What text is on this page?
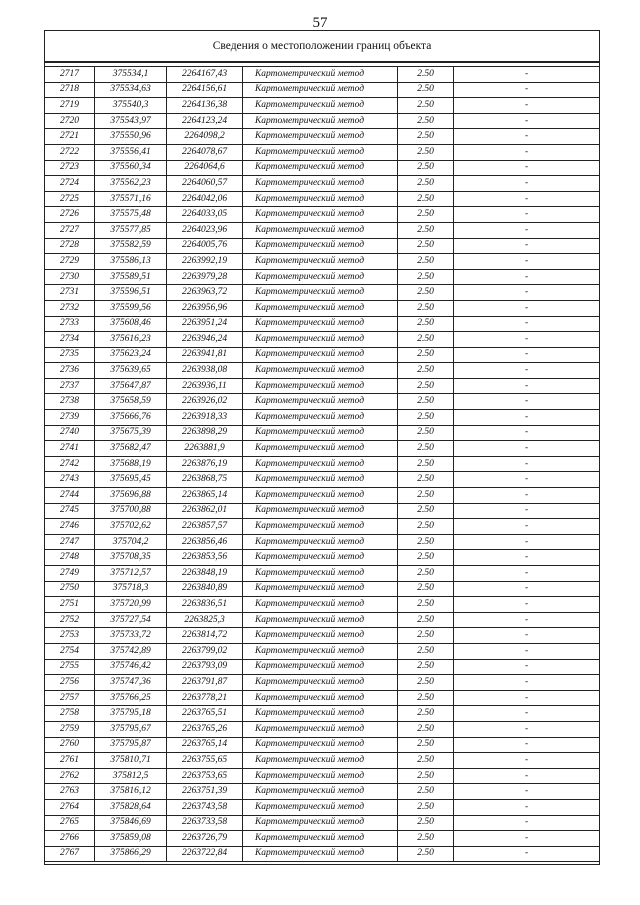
57
Сведения о местоположении границ объекта					

2717	375534,1	2264167,43	Картометрический метод	2.50	-
2718	375534,63	2264156,61	Картометрический метод	2.50	-
2719	375540,3	2264136,38	Картометрический метод	2.50	-
2720	375543,97	2264123,24	Картометрический метод	2.50	-
2721	375550,96	2264098,2	Картометрический метод	2.50	-
2722	375556,41	2264078,67	Картометрический метод	2.50	-
2723	375560,34	2264064,6	Картометрический метод	2.50	-
2724	375562,23	2264060,57	Картометрический метод	2.50	-
2725	375571,16	2264042,06	Картометрический метод	2.50	-
2726	375575,48	2264033,05	Картометрический метод	2.50	-
2727	375577,85	2264023,96	Картометрический метод	2.50	-
2728	375582,59	2264005,76	Картометрический метод	2.50	-
2729	375586,13	2263992,19	Картометрический метод	2.50	-
2730	375589,51	2263979,28	Картометрический метод	2.50	-
2731	375596,51	2263963,72	Картометрический метод	2.50	-
2732	375599,56	2263956,96	Картометрический метод	2.50	-
2733	375608,46	2263951,24	Картометрический метод	2.50	-
2734	375616,23	2263946,24	Картометрический метод	2.50	-
2735	375623,24	2263941,81	Картометрический метод	2.50	-
2736	375639,65	2263938,08	Картометрический метод	2.50	-
2737	375647,87	2263936,11	Картометрический метод	2.50	-
2738	375658,59	2263926,02	Картометрический метод	2.50	-
2739	375666,76	2263918,33	Картометрический метод	2.50	-
2740	375675,39	2263898,29	Картометрический метод	2.50	-
2741	375682,47	2263881,9	Картометрический метод	2.50	-
2742	375688,19	2263876,19	Картометрический метод	2.50	-
2743	375695,45	2263868,75	Картометрический метод	2.50	-
2744	375696,88	2263865,14	Картометрический метод	2.50	-
2745	375700,88	2263862,01	Картометрический метод	2.50	-
2746	375702,62	2263857,57	Картометрический метод	2.50	-
2747	375704,2	2263856,46	Картометрический метод	2.50	-
2748	375708,35	2263853,56	Картометрический метод	2.50	-
2749	375712,57	2263848,19	Картометрический метод	2.50	-
2750	375718,3	2263840,89	Картометрический метод	2.50	-
2751	375720,99	2263836,51	Картометрический метод	2.50	-
2752	375727,54	2263825,3	Картометрический метод	2.50	-
2753	375733,72	2263814,72	Картометрический метод	2.50	-
2754	375742,89	2263799,02	Картометрический метод	2.50	-
2755	375746,42	2263793,09	Картометрический метод	2.50	-
2756	375747,36	2263791,87	Картометрический метод	2.50	-
2757	375766,25	2263778,21	Картометрический метод	2.50	-
2758	375795,18	2263765,51	Картометрический метод	2.50	-
2759	375795,67	2263765,26	Картометрический метод	2.50	-
2760	375795,87	2263765,14	Картометрический метод	2.50	-
2761	375810,71	2263755,65	Картометрический метод	2.50	-
2762	375812,5	2263753,65	Картометрический метод	2.50	-
2763	375816,12	2263751,39	Картометрический метод	2.50	-
2764	375828,64	2263743,58	Картометрический метод	2.50	-
2765	375846,69	2263733,58	Картометрический метод	2.50	-
2766	375859,08	2263726,79	Картометрический метод	2.50	-
2767	375866,29	2263722,84	Картометрический метод	2.50	-
